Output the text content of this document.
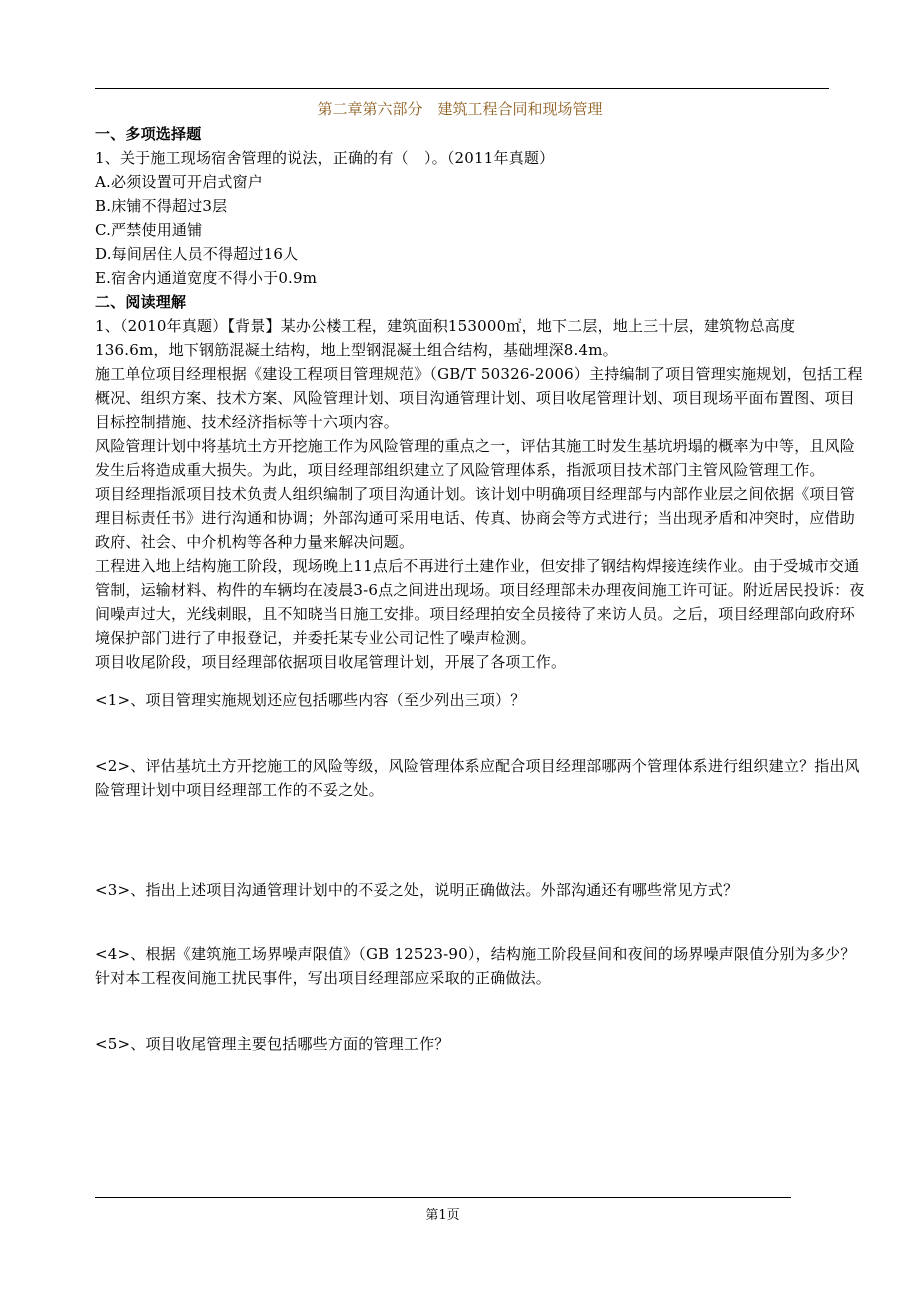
第二章第六部分　建筑工程合同和现场管理

一、多项选择题

1、关于施工现场宿舍管理的说法，正确的有（　）。（2011年真题）

A.必须设置可开启式窗户

B.床铺不得超过3层

C.严禁使用通铺

D.每间居住人员不得超过16人

E.宿舍内通道宽度不得小于0.9m

二、阅读理解

1、（2010年真题）【背景】某办公楼工程，建筑面积153000㎡，地下二层，地上三十层，建筑物总高度136.6m，地下钢筋混凝土结构，地上型钢混凝土组合结构，基础埋深8.4m。

施工单位项目经理根据《建设工程项目管理规范》（GB/T 50326-2006）主持编制了项目管理实施规划，包括工程概况、组织方案、技术方案、风险管理计划、项目沟通管理计划、项目收尾管理计划、项目现场平面布置图、项目目标控制措施、技术经济指标等十六项内容。

风险管理计划中将基坑土方开挖施工作为风险管理的重点之一，评估其施工时发生基坑坍塌的概率为中等，且风险发生后将造成重大损失。为此，项目经理部组织建立了风险管理体系，指派项目技术部门主管风险管理工作。

项目经理指派项目技术负责人组织编制了项目沟通计划。该计划中明确项目经理部与内部作业层之间依据《项目管理目标责任书》进行沟通和协调；外部沟通可采用电话、传真、协商会等方式进行；当出现矛盾和冲突时，应借助政府、社会、中介机构等各种力量来解决问题。

工程进入地上结构施工阶段，现场晚上11点后不再进行土建作业，但安排了钢结构焊接连续作业。由于受城市交通管制，运输材料、构件的车辆均在凌晨3-6点之间进出现场。项目经理部未办理夜间施工许可证。附近居民投诉：夜间噪声过大，光线刺眼，且不知晓当日施工安排。项目经理拍安全员接待了来访人员。之后，项目经理部向政府环境保护部门进行了申报登记，并委托某专业公司记性了噪声检测。

项目收尾阶段，项目经理部依据项目收尾管理计划，开展了各项工作。

<1>、项目管理实施规划还应包括哪些内容（至少列出三项）？

<2>、评估基坑土方开挖施工的风险等级，风险管理体系应配合项目经理部哪两个管理体系进行组织建立？指出风险管理计划中项目经理部工作的不妥之处。

<3>、指出上述项目沟通管理计划中的不妥之处，说明正确做法。外部沟通还有哪些常见方式？

<4>、根据《建筑施工场界噪声限值》（GB 12523-90），结构施工阶段昼间和夜间的场界噪声限值分别为多少？针对本工程夜间施工扰民事件，写出项目经理部应采取的正确做法。

<5>、项目收尾管理主要包括哪些方面的管理工作？

第1页
